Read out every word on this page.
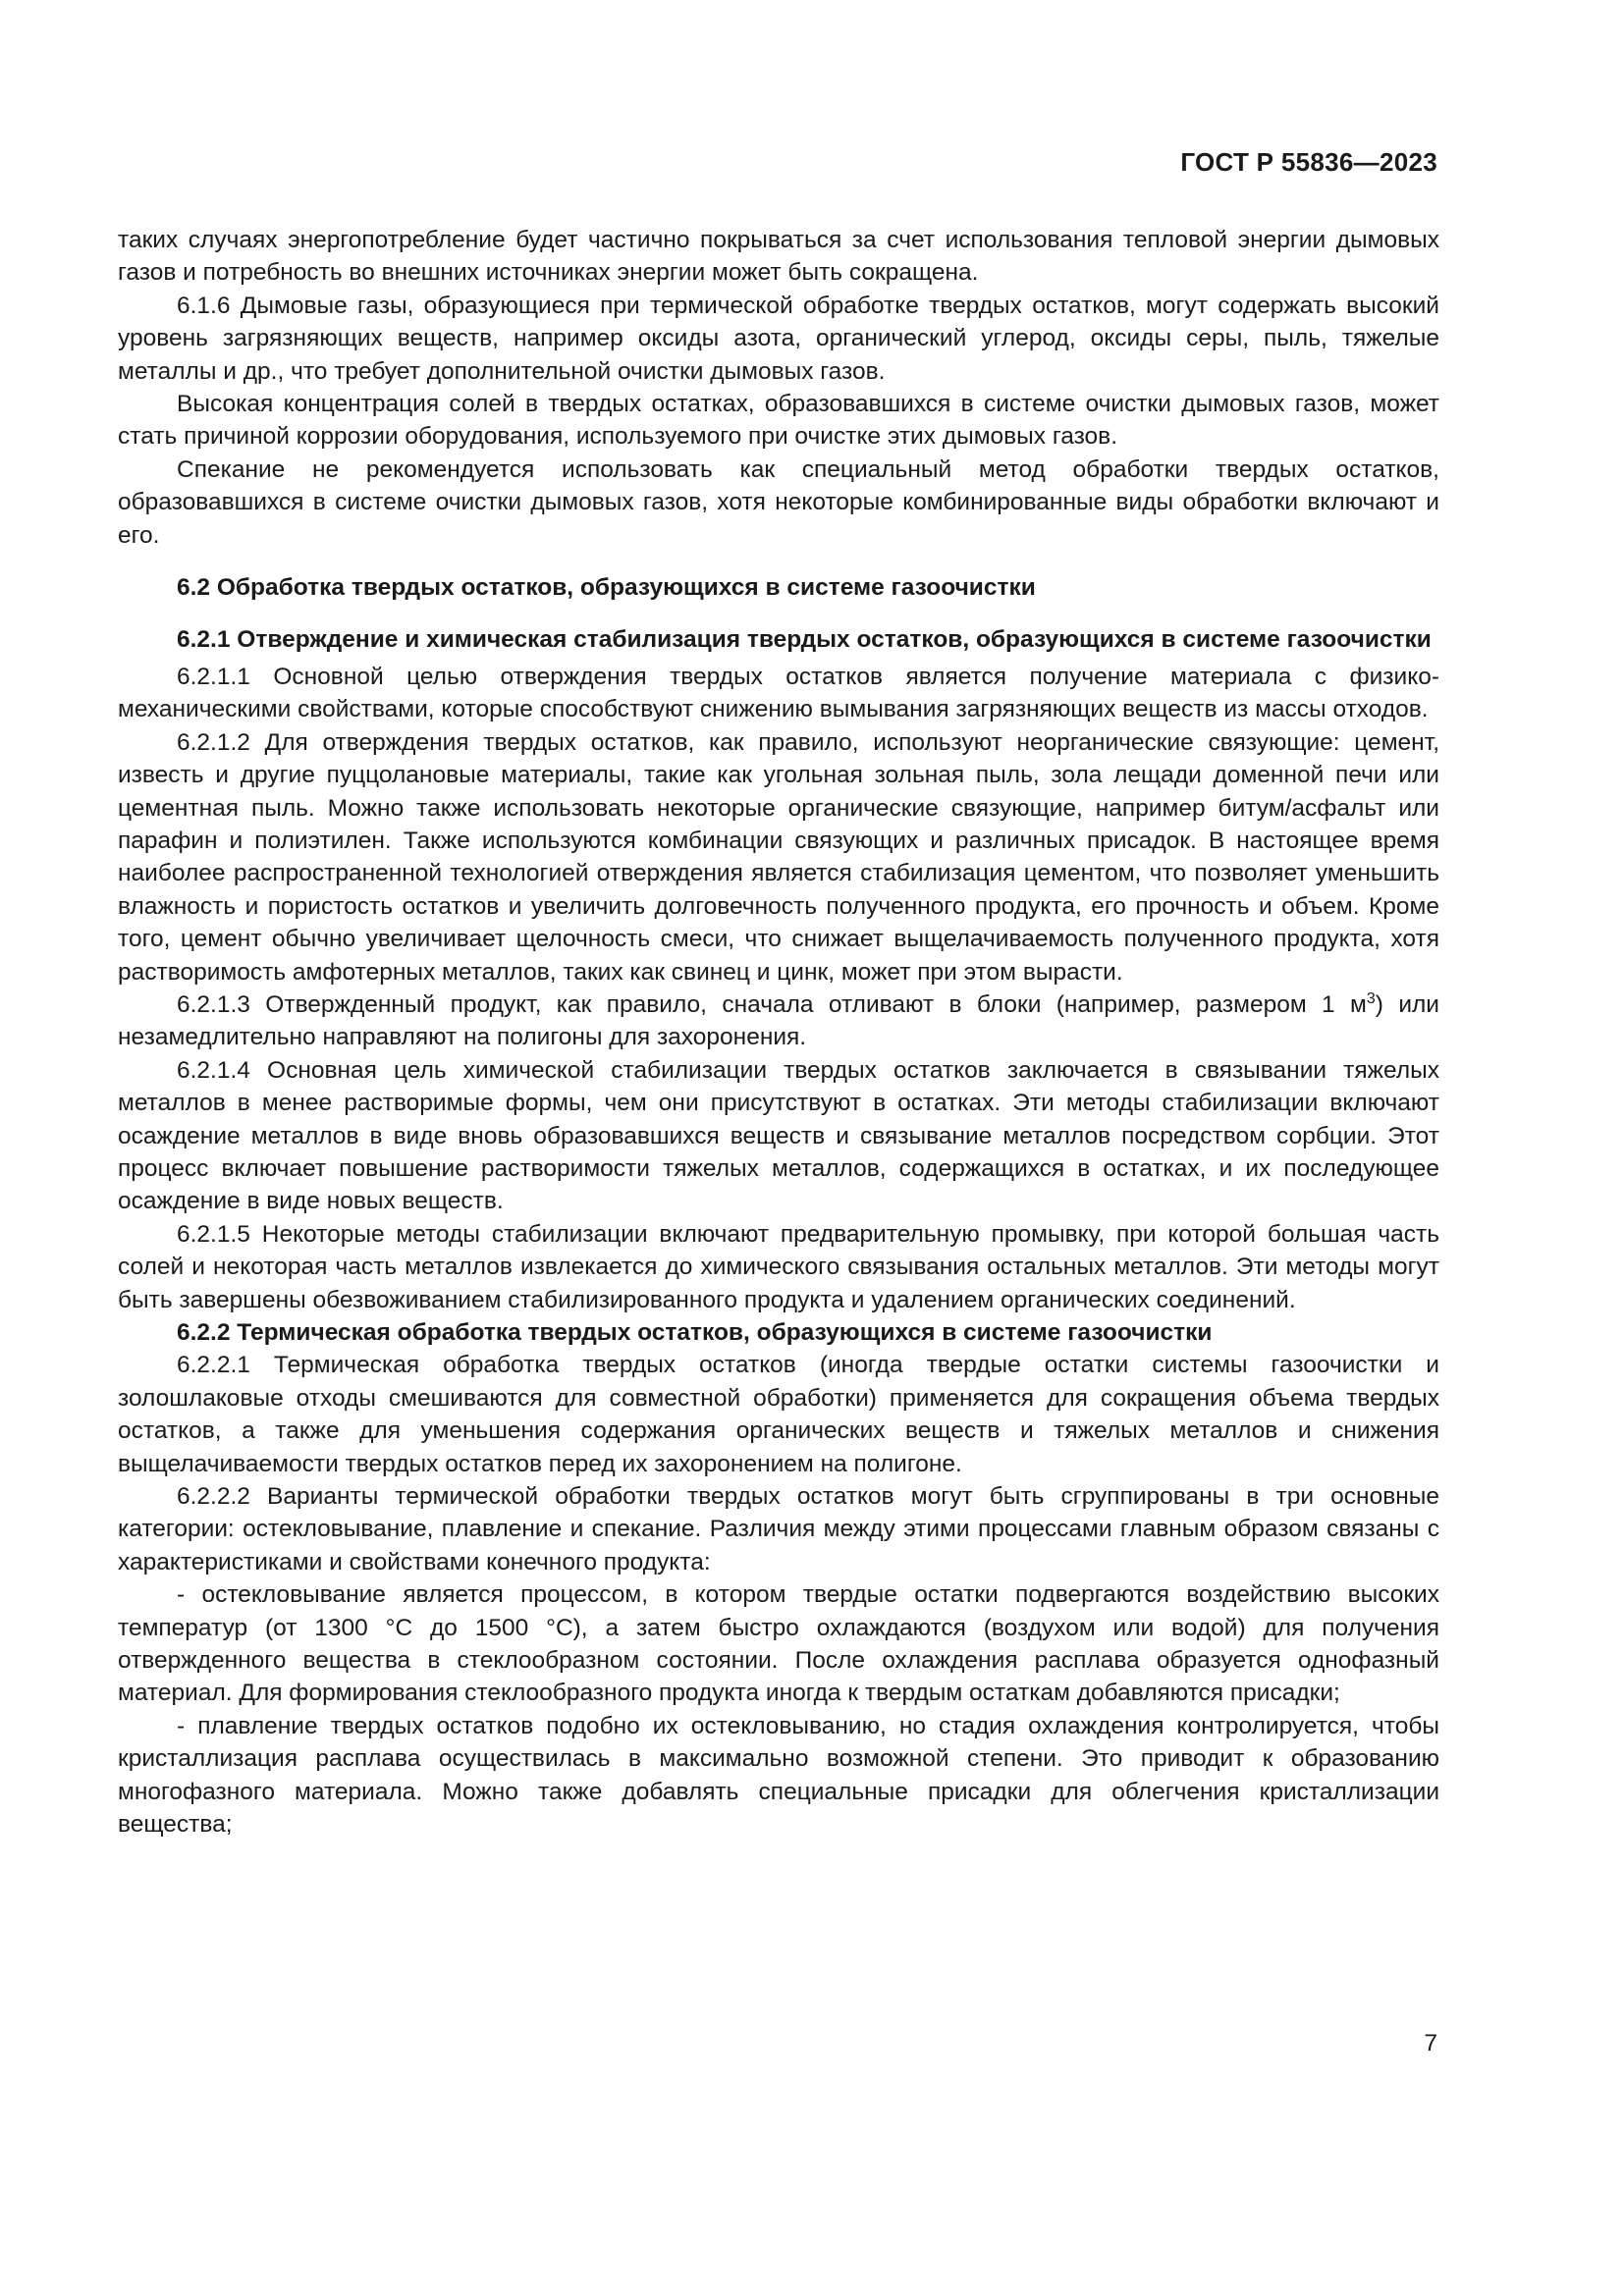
ГОСТ Р 55836—2023

таких случаях энергопотребление будет частично покрываться за счет использования тепловой энергии дымовых газов и потребность во внешних источниках энергии может быть сокращена.

6.1.6 Дымовые газы, образующиеся при термической обработке твердых остатков, могут содержать высокий уровень загрязняющих веществ, например оксиды азота, органический углерод, оксиды серы, пыль, тяжелые металлы и др., что требует дополнительной очистки дымовых газов.

Высокая концентрация солей в твердых остатках, образовавшихся в системе очистки дымовых газов, может стать причиной коррозии оборудования, используемого при очистке этих дымовых газов.

Спекание не рекомендуется использовать как специальный метод обработки твердых остатков, образовавшихся в системе очистки дымовых газов, хотя некоторые комбинированные виды обработки включают и его.

6.2 Обработка твердых остатков, образующихся в системе газоочистки
6.2.1 Отверждение и химическая стабилизация твердых остатков, образующихся в системе газоочистки

6.2.1.1 Основной целью отверждения твердых остатков является получение материала с физико-механическими свойствами, которые способствуют снижению вымывания загрязняющих веществ из массы отходов.

6.2.1.2 Для отверждения твердых остатков, как правило, используют неорганические связующие: цемент, известь и другие пуццолановые материалы, такие как угольная зольная пыль, зола лещади доменной печи или цементная пыль. Можно также использовать некоторые органические связующие, например битум/асфальт или парафин и полиэтилен. Также используются комбинации связующих и различных присадок. В настоящее время наиболее распространенной технологией отверждения является стабилизация цементом, что позволяет уменьшить влажность и пористость остатков и увеличить долговечность полученного продукта, его прочность и объем. Кроме того, цемент обычно увеличивает щелочность смеси, что снижает выщелачиваемость полученного продукта, хотя растворимость амфотерных металлов, таких как свинец и цинк, может при этом вырасти.

6.2.1.3 Отвержденный продукт, как правило, сначала отливают в блоки (например, размером 1 $м^3$) или незамедлительно направляют на полигоны для захоронения.

6.2.1.4 Основная цель химической стабилизации твердых остатков заключается в связывании тяжелых металлов в менее растворимые формы, чем они присутствуют в остатках. Эти методы стабилизации включают осаждение металлов в виде вновь образовавшихся веществ и связывание металлов посредством сорбции. Этот процесс включает повышение растворимости тяжелых металлов, содержащихся в остатках, и их последующее осаждение в виде новых веществ.

6.2.1.5 Некоторые методы стабилизации включают предварительную промывку, при которой большая часть солей и некоторая часть металлов извлекается до химического связывания остальных металлов. Эти методы могут быть завершены обезвоживанием стабилизированного продукта и удалением органических соединений.

6.2.2 Термическая обработка твердых остатков, образующихся в системе газоочистки

6.2.2.1 Термическая обработка твердых остатков (иногда твердые остатки системы газоочистки и золошлаковые отходы смешиваются для совместной обработки) применяется для сокращения объема твердых остатков, а также для уменьшения содержания органических веществ и тяжелых металлов и снижения выщелачиваемости твердых остатков перед их захоронением на полигоне.

6.2.2.2 Варианты термической обработки твердых остатков могут быть сгруппированы в три основные категории: остекловывание, плавление и спекание. Различия между этими процессами главным образом связаны с характеристиками и свойствами конечного продукта:

- остекловывание является процессом, в котором твердые остатки подвергаются воздействию высоких температур (от 1300 °С до 1500 °С), а затем быстро охлаждаются (воздухом или водой) для получения отвержденного вещества в стеклообразном состоянии. После охлаждения расплава образуется однофазный материал. Для формирования стеклообразного продукта иногда к твердым остаткам добавляются присадки;

- плавление твердых остатков подобно их остекловыванию, но стадия охлаждения контролируется, чтобы кристаллизация расплава осуществилась в максимально возможной степени. Это приводит к образованию многофазного материала. Можно также добавлять специальные присадки для облегчения кристаллизации вещества;

7
